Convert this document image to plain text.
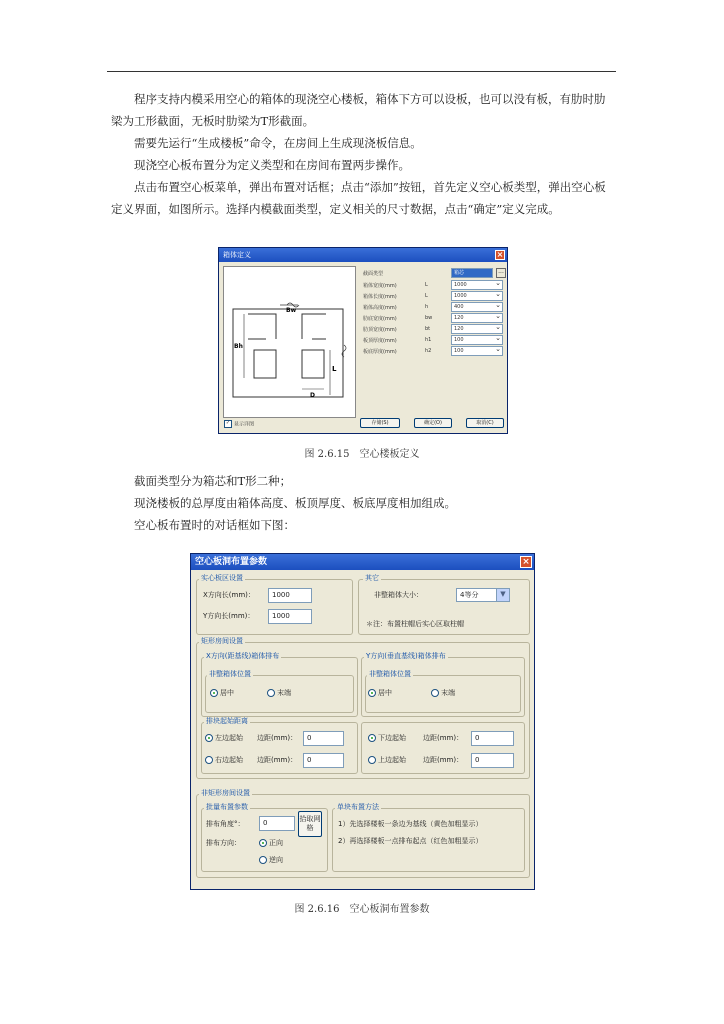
程序支持内模采用空心的箱体的现浇空心楼板，箱体下方可以设板，也可以没有板，有肋时肋梁为工形截面，无板时肋梁为T形截面。

需要先运行“生成楼板”命令，在房间上生成现浇板信息。

现浇空心板布置分为定义类型和在房间布置两步操作。

点击布置空心板菜单，弹出布置对话框；点击“添加”按钮，首先定义空心板类型，弹出空心板定义界面，如图所示。选择内模截面类型，定义相关的尺寸数据，点击“确定”定义完成。

箱体定义	×
Bw
Bh
L
D
截面类型	箱芯	...
箱体宽度(mm)	L	1000 ⌄
箱体长度(mm)	L	1000 ⌄
箱体高度(mm)	h	400 ⌄
肋底宽度(mm)	bw	120 ⌄
肋顶宽度(mm)	bt	120 ⌄
板顶厚度(mm)	h1	100 ⌄
板底厚度(mm)	h2	100 ⌄
✓ 显示详图	存储(S)	确定(O)	取消(C)
图 2.6.15　空心楼板定义

截面类型分为箱芯和T形二种；

现浇楼板的总厚度由箱体高度、板顶厚度、板底厚度相加组成。

空心板布置时的对话框如下图：

空心板洞布置参数	×
实心板区设置
X方向长(mm)：	1000
Y方向长(mm)：	1000
其它
非整箱体大小：	4等分	▼
＊注：布置柱帽后实心区取柱帽
矩形房间设置
X方向(距基线)箱体排布
非整箱体位置
居中	末端
Y方向(垂直基线)箱体排布
非整箱体位置
居中	末端
排块起始距离
左边起始 边距(mm)：	0
右边起始 边距(mm)：	0
下边起始 边距(mm)：	0
上边起始 边距(mm)：	0
非矩形房间设置
批量布置参数
排布角度°：	0	拾取网格
排布方向：	正向
逆向
单块布置方法
1）先选择楼板一条边为基线（黄色加粗显示）
2）再选择楼板一点排布起点（红色加粗显示）
图 2.6.16　空心板洞布置参数
